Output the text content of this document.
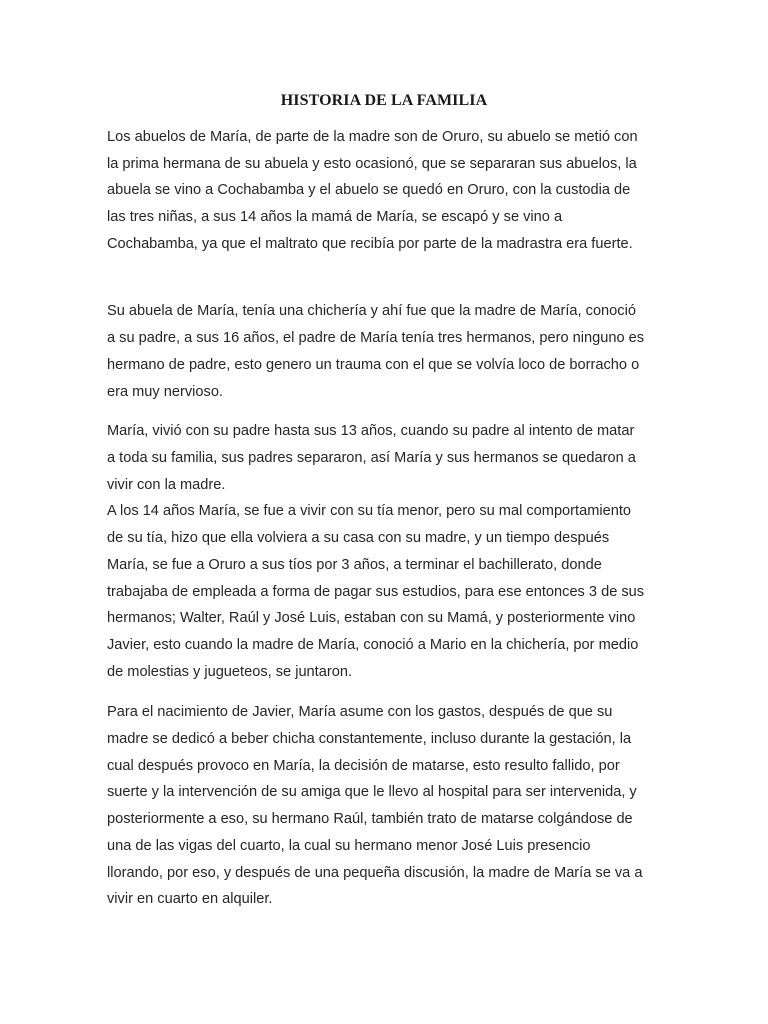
HISTORIA DE LA FAMILIA
Los abuelos de María, de parte de la madre son de Oruro, su abuelo se metió con
la prima hermana de su abuela y esto ocasionó, que se separaran sus abuelos, la
abuela se vino a Cochabamba y el abuelo se quedó en Oruro, con la custodia de
las tres niñas, a sus 14 años la mamá de María, se escapó y se vino a
Cochabamba, ya que el maltrato que recibía por parte de la madrastra era fuerte.
Su abuela de María, tenía una chichería y ahí fue que la madre de María, conoció
a su padre, a sus 16 años, el padre de María tenía tres hermanos, pero ninguno es
hermano de padre, esto genero un trauma con el que se volvía loco de borracho o
era muy nervioso.
María, vivió con su padre hasta sus 13 años, cuando su padre al intento de matar
a toda su familia, sus padres separaron, así María y sus hermanos se quedaron a
vivir con la madre.
A los 14 años María, se fue a vivir con su tía menor, pero su mal comportamiento
de su tía, hizo que ella volviera a su casa con su madre, y un tiempo después
María, se fue a Oruro a sus tíos por 3 años, a terminar el bachillerato, donde
trabajaba de empleada a forma de pagar sus estudios, para ese entonces 3 de sus
hermanos; Walter, Raúl y José Luis, estaban con su Mamá, y posteriormente vino
Javier, esto cuando la madre de María, conoció a Mario en la chichería, por medio
de molestias y jugueteos, se juntaron.
Para el nacimiento de Javier, María asume con los gastos, después de que su
madre se dedicó a beber chicha constantemente, incluso durante la gestación, la
cual después provoco en María, la decisión de matarse, esto resulto fallido, por
suerte y la intervención de su amiga que le llevo al hospital para ser intervenida, y
posteriormente a eso, su hermano Raúl, también trato de matarse colgándose de
una de las vigas del cuarto, la cual su hermano menor José Luis presencio
llorando, por eso, y después de una pequeña discusión, la madre de María se va a
vivir en cuarto en alquiler.
